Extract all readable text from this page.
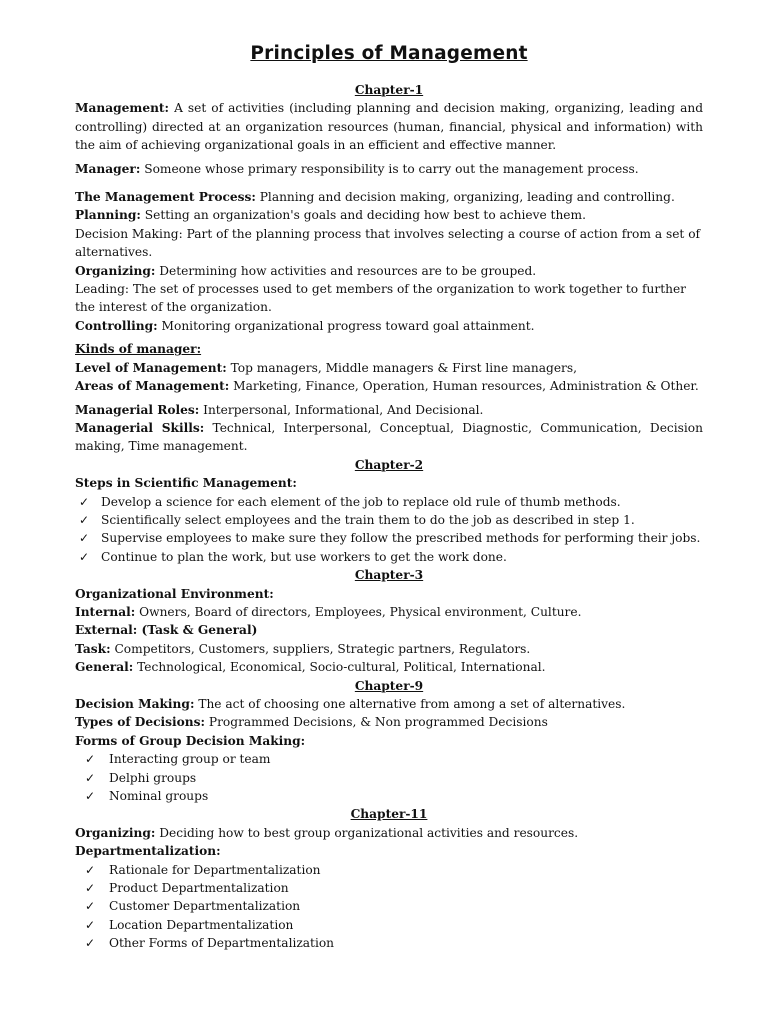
Principles of Management
Chapter-1

Management: A set of activities (including planning and decision making, organizing, leading and controlling) directed at an organization resources (human, financial, physical and information) with the aim of achieving organizational goals in an efficient and effective manner.

Manager: Someone whose primary responsibility is to carry out the management process.

The Management Process: Planning and decision making, organizing, leading and controlling.

Planning: Setting an organization's goals and deciding how best to achieve them.

Decision Making: Part of the planning process that involves selecting a course of action from a set of alternatives.

Organizing: Determining how activities and resources are to be grouped.

Leading: The set of processes used to get members of the organization to work together to further the interest of the organization.

Controlling: Monitoring organizational progress toward goal attainment.

Kinds of manager:

Level of Management: Top managers, Middle managers & First line managers,

Areas of Management: Marketing, Finance, Operation, Human resources, Administration & Other.

Managerial Roles: Interpersonal, Informational, And Decisional.

Managerial Skills: Technical, Interpersonal, Conceptual, Diagnostic, Communication, Decision making, Time management.

Chapter-2

Steps in Scientific Management:

✓ Develop a science for each element of the job to replace old rule of thumb methods.
✓ Scientifically select employees and the train them to do the job as described in step 1.
✓ Supervise employees to make sure they follow the prescribed methods for performing their jobs.
✓ Continue to plan the work, but use workers to get the work done.
Chapter-3

Organizational Environment:

Internal: Owners, Board of directors, Employees, Physical environment, Culture.

External: (Task & General)

Task: Competitors, Customers, suppliers, Strategic partners, Regulators.

General: Technological, Economical, Socio-cultural, Political, International.

Chapter-9

Decision Making: The act of choosing one alternative from among a set of alternatives.

Types of Decisions: Programmed Decisions, & Non programmed Decisions

Forms of Group Decision Making:

✓ Interacting group or team
✓ Delphi groups
✓ Nominal groups
Chapter-11

Organizing: Deciding how to best group organizational activities and resources.

Departmentalization:

✓ Rationale for Departmentalization
✓ Product Departmentalization
✓ Customer Departmentalization
✓ Location Departmentalization
✓ Other Forms of Departmentalization
